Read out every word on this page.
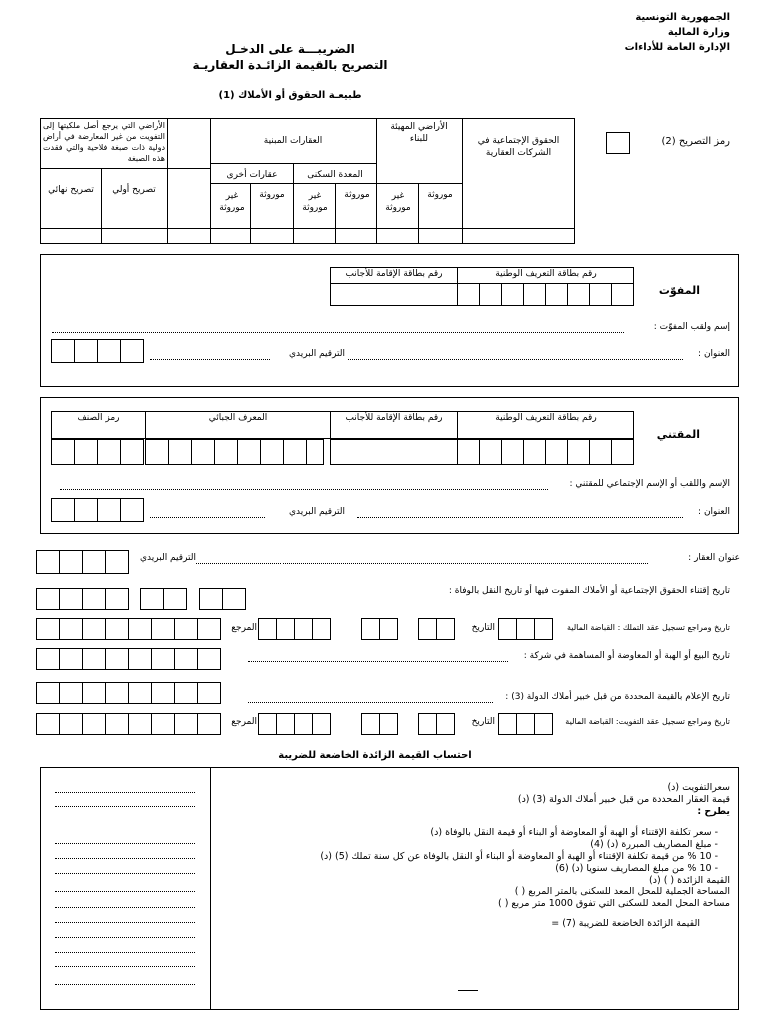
الجمهورية التونسية
وزارة المالية
الإدارة العامة للأداءات
الضريبـــة على الدخـل
التصريح بالقيمة الزائـدة العقاريـة
طبيعـة الحقوق أو الأملاك (1)
الحقوق الإجتماعية في الشركات العقارية
الأراضي المهيئة للبناء
موروثة
غير موروثة
العقارات المبنية
المعدة السكنى
عقارات أخرى
موروثة
غير موروثة
موروثة
غير موروثة
الأراضي التي يرجع أصل ملكيتها إلى التفويت من غير المعارضة في أراض دولية ذات صبغة فلاحية والتي فقدت هذه الصبغة
تصريح أولي
تصريح نهائي
رمز التصريح (2)
المفوّت
رقم بطاقة التعريف الوطنية
رقم بطاقة الإقامة للأجانب
إسم ولقب المفوّت :
العنوان :
الترقيم البريدي
المقتني
رقم بطاقة التعريف الوطنية
رقم بطاقة الإقامة للأجانب
المعرف الجبائي
رمز الصنف
الإسم واللقب أو الإسم الإجتماعي للمقتني :
العنوان :
الترقيم البريدي
عنوان العقار :
الترقيم البريدي
تاريخ إقتناء الحقوق الإجتماعية أو الأملاك المفوت فيها أو تاريخ النقل بالوفاة :
تاريخ ومراجع تسجيل عقد التملك : القباضة المالية
التاريخ
المرجع
تاريخ البيع أو الهبة أو المعاوضة أو المساهمة في شركة :
تاريخ الإعلام بالقيمة المحددة من قبل خبير أملاك الدولة (3) :
تاريخ ومراجع تسجيل عقد التفويت: القباضة المالية
التاريخ
المرجع
احتساب القيمة الزائدة الخاضعة للضريبة
سعرالتفويت (د)
قيمة العقار المحددة من قبل خبير أملاك الدولة (3) (د)
يطرح :
- سعر تكلفة الإقتناء أو الهبة أو المعاوضة أو البناء أو قيمة النقل بالوفاة (د)
- مبلغ المصاريف المبررة (د) (4)
- 10 % من قيمة تكلفة الإقتناء أو الهبة أو المعاوضة أو البناء أو النقل بالوفاة عن كل سنة تملك (5) (د)
- 10 % من مبلغ المصاريف سنويا (د) (6)
القيمة الزائدة ( ) (د)
المساحة الجملية للمحل المعد للسكنى بالمتر المربع ( )
مساحة المحل المعد للسكنى التي تفوق 1000 متر مربع ( )
القيمة الزائدة الخاضعة للضريبة (7) =
